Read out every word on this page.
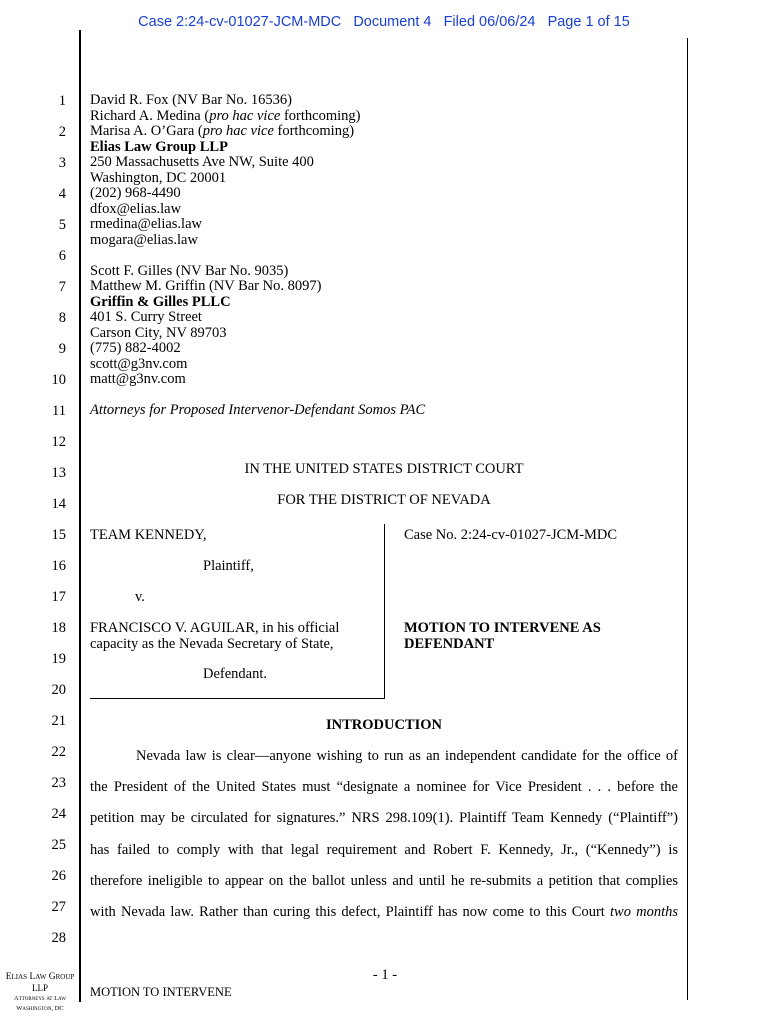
Case 2:24-cv-01027-JCM-MDC   Document 4   Filed 06/06/24   Page 1 of 15
1
2
3
4
5
6
7
8
9
10
11
12
13
14
15
16
17
18
19
20
21
22
23
24
25
26
27
28
David R. Fox (NV Bar No. 16536)
Richard A. Medina (pro hac vice forthcoming)
Marisa A. O’Gara (pro hac vice forthcoming)
Elias Law Group LLP
250 Massachusetts Ave NW, Suite 400
Washington, DC 20001
(202) 968-4490
dfox@elias.law
rmedina@elias.law
mogara@elias.law
Scott F. Gilles (NV Bar No. 9035)
Matthew M. Griffin (NV Bar No. 8097)
Griffin & Gilles PLLC
401 S. Curry Street
Carson City, NV 89703
(775) 882-4002
scott@g3nv.com
matt@g3nv.com
Attorneys for Proposed Intervenor-Defendant Somos PAC
IN THE UNITED STATES DISTRICT COURT
FOR THE DISTRICT OF NEVADA
TEAM KENNEDY,
Plaintiff,
v.
FRANCISCO V. AGUILAR, in his official
capacity as the Nevada Secretary of State,
Defendant.
Case No. 2:24-cv-01027-JCM-MDC
MOTION TO INTERVENE AS
DEFENDANT
INTRODUCTION
Nevada law is clear—anyone wishing to run as an independent candidate for the office of
the President of the United States must “designate a nominee for Vice President . . . before the
petition may be circulated for signatures.” NRS 298.109(1). Plaintiff Team Kennedy (“Plaintiff”)
has failed to comply with that legal requirement and Robert F. Kennedy, Jr., (“Kennedy”) is
therefore ineligible to appear on the ballot unless and until he re-submits a petition that complies
with Nevada law. Rather than curing this defect, Plaintiff has now come to this Court two months
- 1 -
MOTION TO INTERVENE
Elias Law Group
LLP
Attorneys at Law
Washington, DC
